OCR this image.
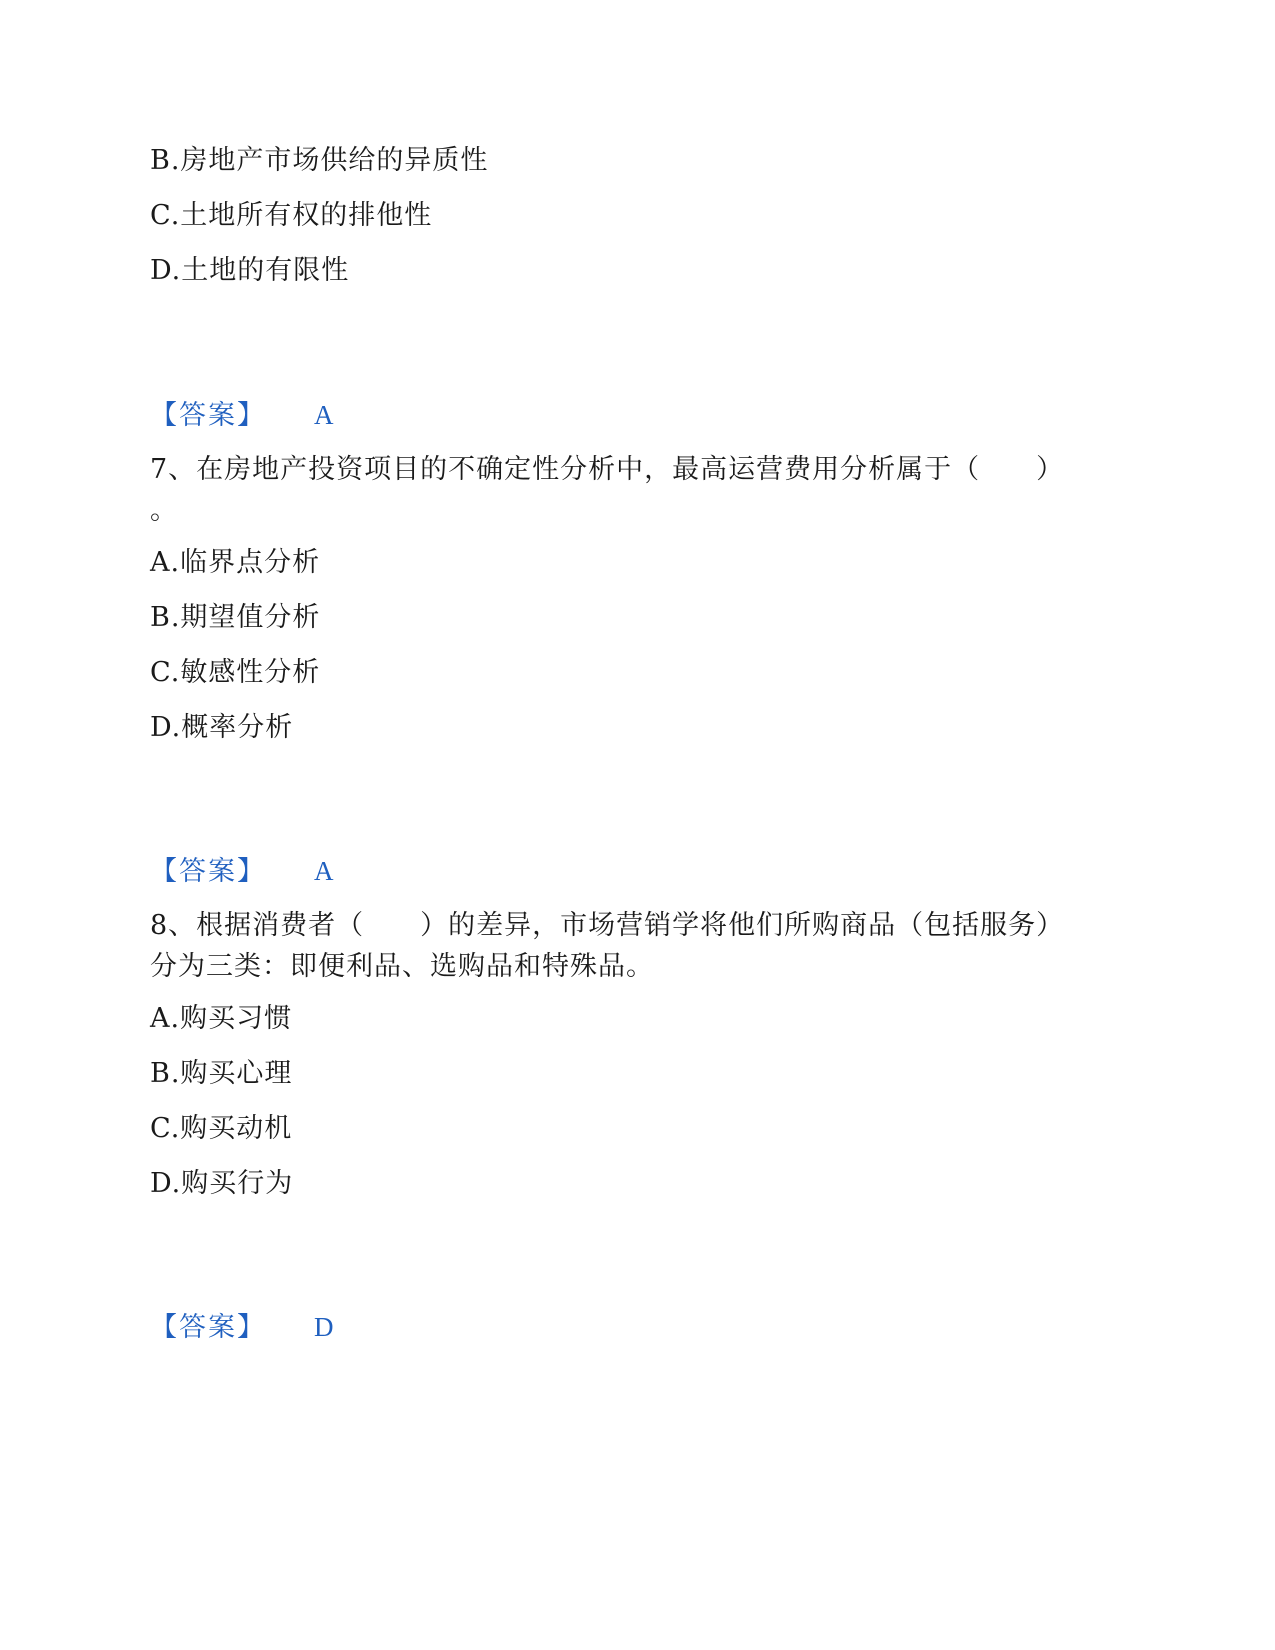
B.房地产市场供给的异质性
C.土地所有权的排他性
D.土地的有限性
【答案】 A
7、在房地产投资项目的不确定性分析中，最高运营费用分析属于（　　）
。
A.临界点分析
B.期望值分析
C.敏感性分析
D.概率分析
【答案】 A
8、根据消费者（　　）的差异，市场营销学将他们所购商品（包括服务）
分为三类：即便利品、选购品和特殊品。
A.购买习惯
B.购买心理
C.购买动机
D.购买行为
【答案】 D
